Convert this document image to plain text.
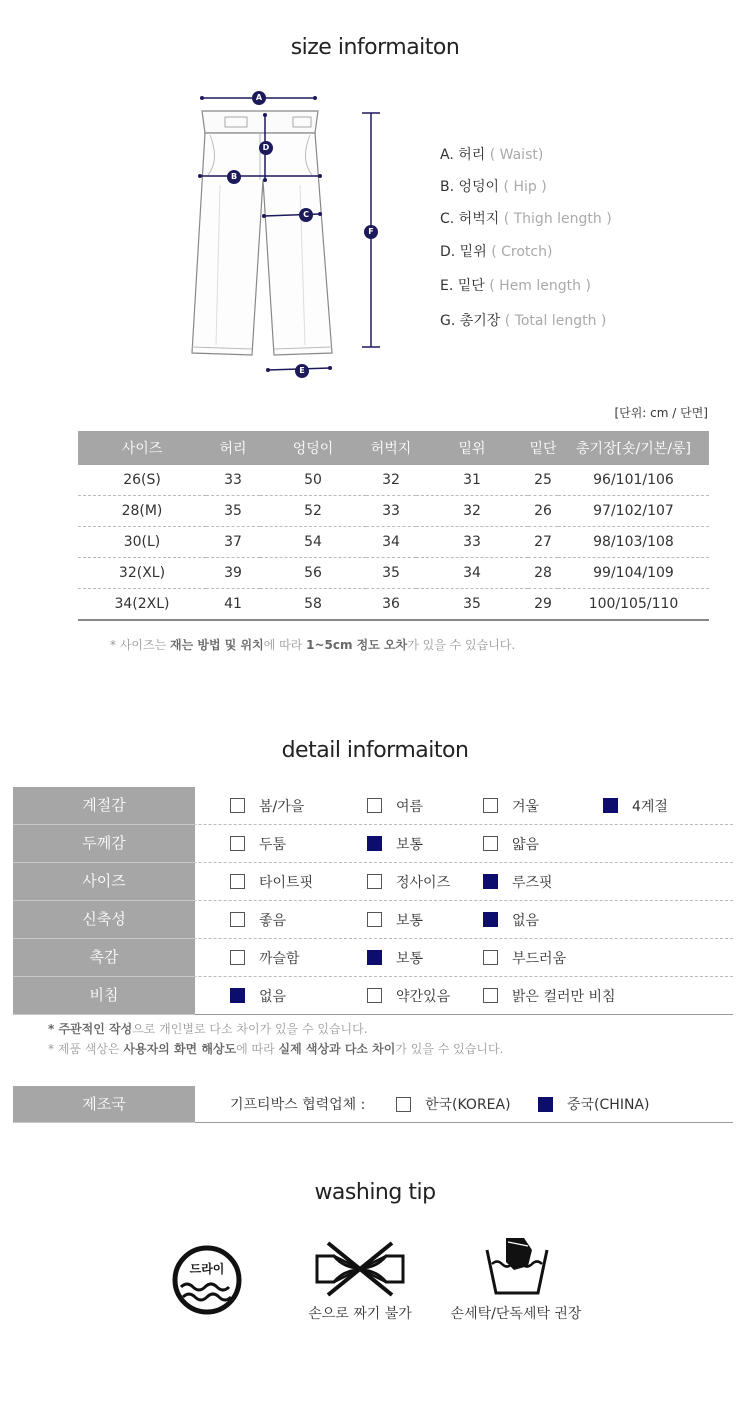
size informaiton
A
D
B
C
F
E
A. 허리 ( Waist)
B. 엉덩이 ( Hip )
C. 허벅지 ( Thigh length )
D. 밑위 ( Crotch)
E. 밑단 ( Hem length )
G. 총기장 ( Total length )
[단위: cm / 단면]
사이즈	허리	엉덩이	허벅지	밑위	밑단	총기장[숏/기본/롱]
26(S)	33	50	32	31	25	96/101/106
28(M)	35	52	33	32	26	97/102/107
30(L)	37	54	34	33	27	98/103/108
32(XL)	39	56	35	34	28	99/104/109
34(2XL)	41	58	36	35	29	100/105/110
* 사이즈는 재는 방법 및 위치에 따라 1~5cm 정도 오차가 있을 수 있습니다.
detail informaiton
계절감	봄/가을	여름	겨울	4계절
두께감	두툼	보통	얇음
사이즈	타이트핏	정사이즈	루즈핏
신축성	좋음	보통	없음
촉감	까슬함	보통	부드러움
비침	없음	약간있음	밝은 컬러만 비침
* 주관적인 작성으로 개인별로 다소 차이가 있을 수 있습니다.
* 제품 색상은 사용자의 화면 해상도에 따라 실제 색상과 다소 차이가 있을 수 있습니다.
제조국	기프티박스 협력업체 :	한국(KOREA)	중국(CHINA)
washing tip
드라이
손으로 짜기 불가	손세탁/단독세탁 권장
